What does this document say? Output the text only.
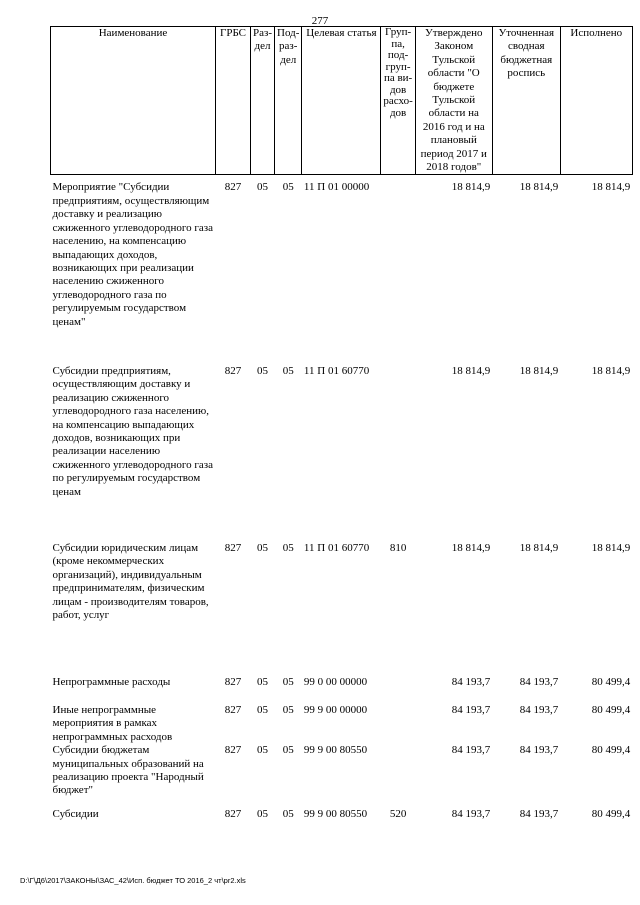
277
Наименование	ГРБС	Раз-дел	Под-раз-дел	Целевая статья	Груп-па, под-груп-па ви-дов расхо-дов	Утверждено Законом Тульской области "О бюджете Тульской области на 2016 год и на плановый период 2017 и 2018 годов"	Уточненная сводная бюджетная роспись	Исполнено
Мероприятие "Субсидии предприятиям, осуществляющим доставку и реализацию сжиженного углеводородного газа населению, на компенсацию выпадающих доходов, возникающих при реализации населению сжиженного углеводородного газа по регулируемым государством ценам"	827	05	05	11 П 01 00000		18 814,9	18 814,9	18 814,9
Субсидии предприятиям, осуществляющим доставку и реализацию сжиженного углеводородного газа населению, на компенсацию выпадающих доходов, возникающих при реализации населению сжиженного углеводородного газа по регулируемым государством ценам	827	05	05	11 П 01 60770		18 814,9	18 814,9	18 814,9
Субсидии юридическим лицам (кроме некоммерческих организаций), индивидуальным предпринимателям, физическим лицам - производителям товаров, работ, услуг	827	05	05	11 П 01 60770	810	18 814,9	18 814,9	18 814,9
Непрограммные расходы	827	05	05	99 0 00 00000		84 193,7	84 193,7	80 499,4
Иные непрограммные мероприятия в рамках непрограммных расходов	827	05	05	99 9 00 00000		84 193,7	84 193,7	80 499,4
Субсидии бюджетам муниципальных образований на реализацию проекта "Народный бюджет"	827	05	05	99 9 00 80550		84 193,7	84 193,7	80 499,4
Субсидии	827	05	05	99 9 00 80550	520	84 193,7	84 193,7	80 499,4
D:\Г\Д6\2017\ЗАКОНЫ\ЗАС_42\Исп. бюджет ТО 2016_2 чт\pr2.xls
